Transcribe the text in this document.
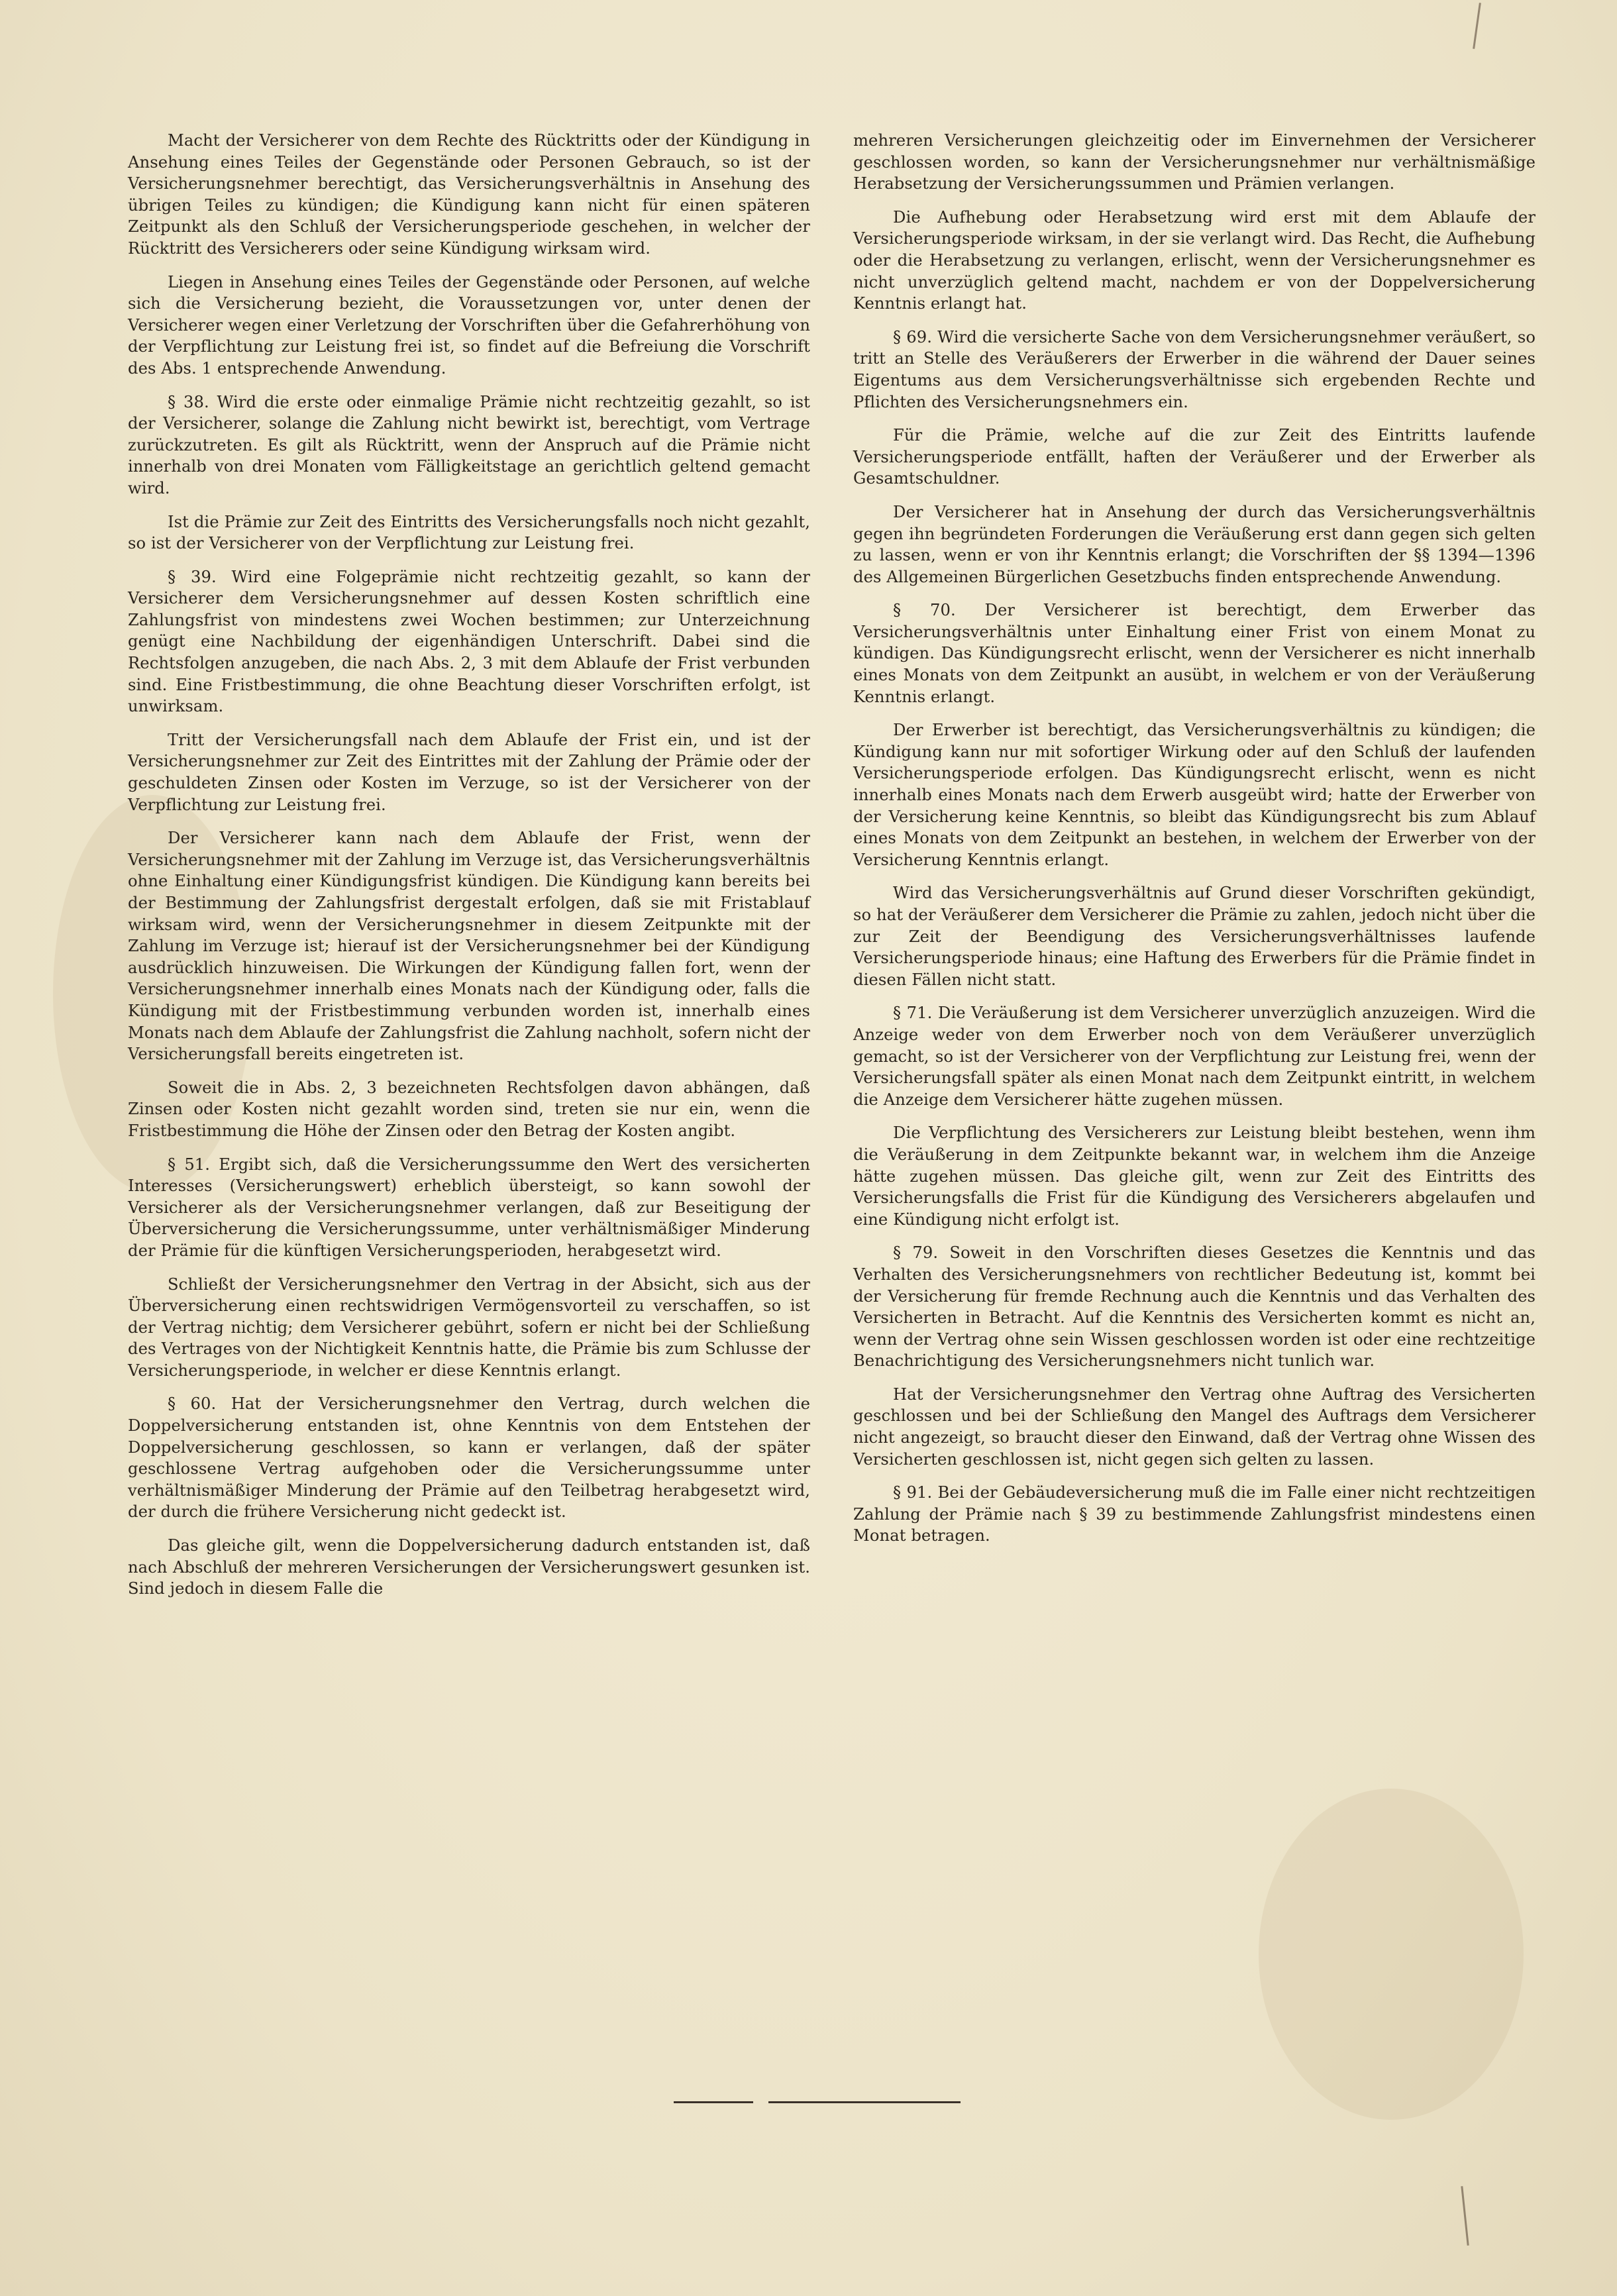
Macht der Versicherer von dem Rechte des Rücktritts oder der Kündigung in Ansehung eines Teiles der Gegenstände oder Personen Gebrauch, so ist der Versicherungsnehmer berechtigt, das Versicherungsverhältnis in Ansehung des übrigen Teiles zu kündigen; die Kündigung kann nicht für einen späteren Zeitpunkt als den Schluß der Versicherungsperiode geschehen, in welcher der Rücktritt des Versicherers oder seine Kündigung wirksam wird.

Liegen in Ansehung eines Teiles der Gegenstände oder Personen, auf welche sich die Versicherung bezieht, die Voraussetzungen vor, unter denen der Versicherer wegen einer Verletzung der Vorschriften über die Gefahrerhöhung von der Verpflichtung zur Leistung frei ist, so findet auf die Befreiung die Vorschrift des Abs. 1 entsprechende Anwendung.

§ 38. Wird die erste oder einmalige Prämie nicht rechtzeitig gezahlt, so ist der Versicherer, solange die Zahlung nicht bewirkt ist, berechtigt, vom Vertrage zurückzutreten. Es gilt als Rücktritt, wenn der Anspruch auf die Prämie nicht innerhalb von drei Monaten vom Fälligkeitstage an gerichtlich geltend gemacht wird.

Ist die Prämie zur Zeit des Eintritts des Versicherungsfalls noch nicht gezahlt, so ist der Versicherer von der Verpflichtung zur Leistung frei.

§ 39. Wird eine Folgeprämie nicht rechtzeitig gezahlt, so kann der Versicherer dem Versicherungsnehmer auf dessen Kosten schriftlich eine Zahlungsfrist von mindestens zwei Wochen bestimmen; zur Unterzeichnung genügt eine Nachbildung der eigenhändigen Unterschrift. Dabei sind die Rechtsfolgen anzugeben, die nach Abs. 2, 3 mit dem Ablaufe der Frist verbunden sind. Eine Fristbestimmung, die ohne Beachtung dieser Vorschriften erfolgt, ist unwirksam.

Tritt der Versicherungsfall nach dem Ablaufe der Frist ein, und ist der Versicherungsnehmer zur Zeit des Eintrittes mit der Zahlung der Prämie oder der geschuldeten Zinsen oder Kosten im Verzuge, so ist der Versicherer von der Verpflichtung zur Leistung frei.

Der Versicherer kann nach dem Ablaufe der Frist, wenn der Versicherungsnehmer mit der Zahlung im Verzuge ist, das Versicherungsverhältnis ohne Einhaltung einer Kündigungsfrist kündigen. Die Kündigung kann bereits bei der Bestimmung der Zahlungsfrist dergestalt erfolgen, daß sie mit Fristablauf wirksam wird, wenn der Versicherungsnehmer in diesem Zeitpunkte mit der Zahlung im Verzuge ist; hierauf ist der Versicherungsnehmer bei der Kündigung ausdrücklich hinzuweisen. Die Wirkungen der Kündigung fallen fort, wenn der Versicherungsnehmer innerhalb eines Monats nach der Kündigung oder, falls die Kündigung mit der Fristbestimmung verbunden worden ist, innerhalb eines Monats nach dem Ablaufe der Zahlungsfrist die Zahlung nachholt, sofern nicht der Versicherungsfall bereits eingetreten ist.

Soweit die in Abs. 2, 3 bezeichneten Rechtsfolgen davon abhängen, daß Zinsen oder Kosten nicht gezahlt worden sind, treten sie nur ein, wenn die Fristbestimmung die Höhe der Zinsen oder den Betrag der Kosten angibt.

§ 51. Ergibt sich, daß die Versicherungssumme den Wert des versicherten Interesses (Versicherungswert) erheblich übersteigt, so kann sowohl der Versicherer als der Versicherungsnehmer verlangen, daß zur Beseitigung der Überversicherung die Versicherungssumme, unter verhältnismäßiger Minderung der Prämie für die künftigen Versicherungsperioden, herabgesetzt wird.

Schließt der Versicherungsnehmer den Vertrag in der Absicht, sich aus der Überversicherung einen rechtswidrigen Vermögensvorteil zu verschaffen, so ist der Vertrag nichtig; dem Versicherer gebührt, sofern er nicht bei der Schließung des Vertrages von der Nichtigkeit Kenntnis hatte, die Prämie bis zum Schlusse der Versicherungsperiode, in welcher er diese Kenntnis erlangt.

§ 60. Hat der Versicherungsnehmer den Vertrag, durch welchen die Doppelversicherung entstanden ist, ohne Kenntnis von dem Entstehen der Doppelversicherung geschlossen, so kann er verlangen, daß der später geschlossene Vertrag aufgehoben oder die Versicherungssumme unter verhältnismäßiger Minderung der Prämie auf den Teilbetrag herabgesetzt wird, der durch die frühere Versicherung nicht gedeckt ist.

Das gleiche gilt, wenn die Doppelversicherung dadurch entstanden ist, daß nach Abschluß der mehreren Versicherungen der Versicherungswert gesunken ist. Sind jedoch in diesem Falle die

mehreren Versicherungen gleichzeitig oder im Einvernehmen der Versicherer geschlossen worden, so kann der Versicherungsnehmer nur verhältnismäßige Herabsetzung der Versicherungssummen und Prämien verlangen.

Die Aufhebung oder Herabsetzung wird erst mit dem Ablaufe der Versicherungsperiode wirksam, in der sie verlangt wird. Das Recht, die Aufhebung oder die Herabsetzung zu verlangen, erlischt, wenn der Versicherungsnehmer es nicht unverzüglich geltend macht, nachdem er von der Doppelversicherung Kenntnis erlangt hat.

§ 69. Wird die versicherte Sache von dem Versicherungsnehmer veräußert, so tritt an Stelle des Veräußerers der Erwerber in die während der Dauer seines Eigentums aus dem Versicherungsverhältnisse sich ergebenden Rechte und Pflichten des Versicherungsnehmers ein.

Für die Prämie, welche auf die zur Zeit des Eintritts laufende Versicherungsperiode entfällt, haften der Veräußerer und der Erwerber als Gesamtschuldner.

Der Versicherer hat in Ansehung der durch das Versicherungsverhältnis gegen ihn begründeten Forderungen die Veräußerung erst dann gegen sich gelten zu lassen, wenn er von ihr Kenntnis erlangt; die Vorschriften der §§ 1394—1396 des Allgemeinen Bürgerlichen Gesetzbuchs finden entsprechende Anwendung.

§ 70. Der Versicherer ist berechtigt, dem Erwerber das Versicherungsverhältnis unter Einhaltung einer Frist von einem Monat zu kündigen. Das Kündigungsrecht erlischt, wenn der Versicherer es nicht innerhalb eines Monats von dem Zeitpunkt an ausübt, in welchem er von der Veräußerung Kenntnis erlangt.

Der Erwerber ist berechtigt, das Versicherungsverhältnis zu kündigen; die Kündigung kann nur mit sofortiger Wirkung oder auf den Schluß der laufenden Versicherungsperiode erfolgen. Das Kündigungsrecht erlischt, wenn es nicht innerhalb eines Monats nach dem Erwerb ausgeübt wird; hatte der Erwerber von der Versicherung keine Kenntnis, so bleibt das Kündigungsrecht bis zum Ablauf eines Monats von dem Zeitpunkt an bestehen, in welchem der Erwerber von der Versicherung Kenntnis erlangt.

Wird das Versicherungsverhältnis auf Grund dieser Vorschriften gekündigt, so hat der Veräußerer dem Versicherer die Prämie zu zahlen, jedoch nicht über die zur Zeit der Beendigung des Versicherungsverhältnisses laufende Versicherungsperiode hinaus; eine Haftung des Erwerbers für die Prämie findet in diesen Fällen nicht statt.

§ 71. Die Veräußerung ist dem Versicherer unverzüglich anzuzeigen. Wird die Anzeige weder von dem Erwerber noch von dem Veräußerer unverzüglich gemacht, so ist der Versicherer von der Verpflichtung zur Leistung frei, wenn der Versicherungsfall später als einen Monat nach dem Zeitpunkt eintritt, in welchem die Anzeige dem Versicherer hätte zugehen müssen.

Die Verpflichtung des Versicherers zur Leistung bleibt bestehen, wenn ihm die Veräußerung in dem Zeitpunkte bekannt war, in welchem ihm die Anzeige hätte zugehen müssen. Das gleiche gilt, wenn zur Zeit des Eintritts des Versicherungsfalls die Frist für die Kündigung des Versicherers abgelaufen und eine Kündigung nicht erfolgt ist.

§ 79. Soweit in den Vorschriften dieses Gesetzes die Kenntnis und das Verhalten des Versicherungsnehmers von rechtlicher Bedeutung ist, kommt bei der Versicherung für fremde Rechnung auch die Kenntnis und das Verhalten des Versicherten in Betracht. Auf die Kenntnis des Versicherten kommt es nicht an, wenn der Vertrag ohne sein Wissen geschlossen worden ist oder eine rechtzeitige Benachrichtigung des Versicherungsnehmers nicht tunlich war.

Hat der Versicherungsnehmer den Vertrag ohne Auftrag des Versicherten geschlossen und bei der Schließung den Mangel des Auftrags dem Versicherer nicht angezeigt, so braucht dieser den Einwand, daß der Vertrag ohne Wissen des Versicherten geschlossen ist, nicht gegen sich gelten zu lassen.

§ 91. Bei der Gebäudeversicherung muß die im Falle einer nicht rechtzeitigen Zahlung der Prämie nach § 39 zu bestimmende Zahlungsfrist mindestens einen Monat betragen.
